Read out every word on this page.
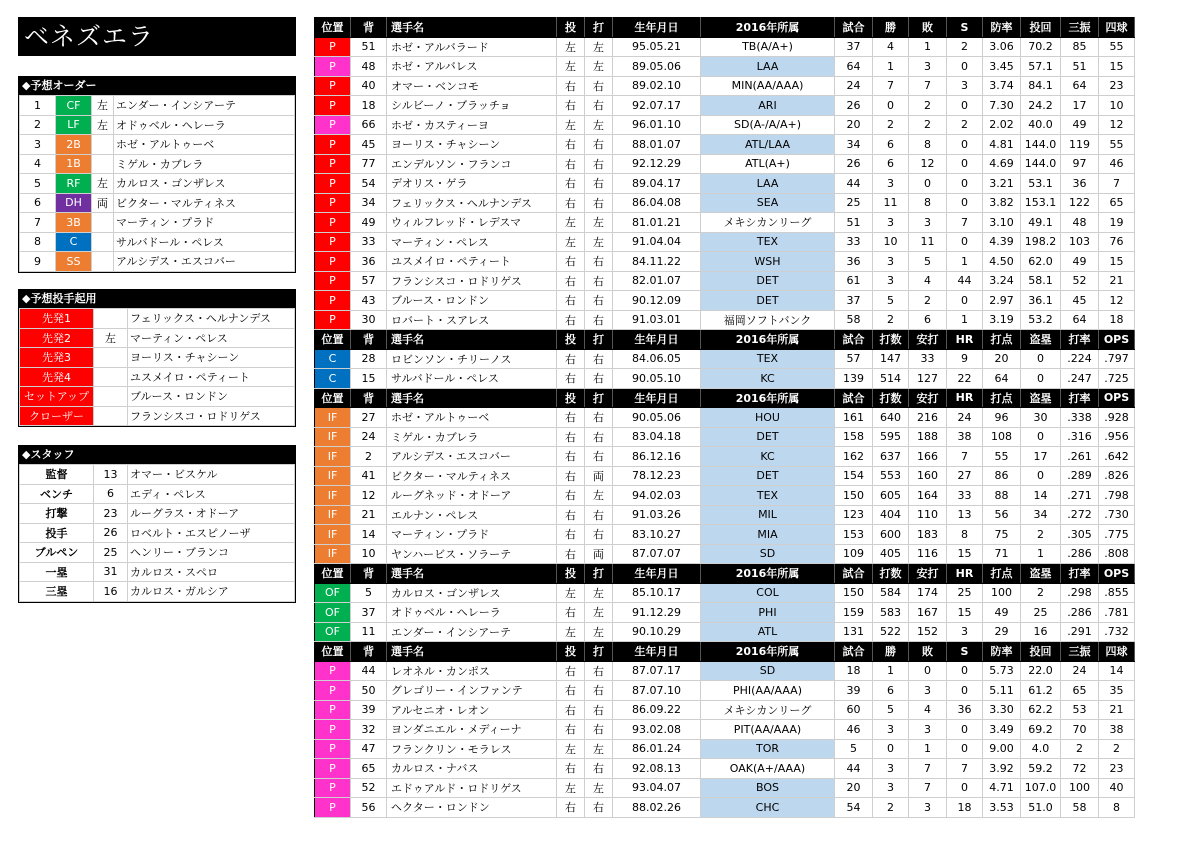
ベネズエラ
◆予想オーダー
1	CF	左	エンダー・インシアーテ
2	LF	左	オドゥベル・ヘレーラ
3	2B		ホゼ・アルトゥーベ
4	1B		ミゲル・カブレラ
5	RF	左	カルロス・ゴンザレス
6	DH	両	ビクター・マルティネス
7	3B		マーティン・プラド
8	C		サルバドール・ペレス
9	SS		アルシデス・エスコバー
◆予想投手起用
先発1		フェリックス・ヘルナンデス
先発2	左	マーティン・ペレス
先発3		ヨーリス・チャシーン
先発4		ユスメイロ・ペティート
セットアップ		ブルース・ロンドン
クローザー		フランシスコ・ロドリゲス
◆スタッフ
監督	13	オマー・ビスケル
ベンチ	6	エディ・ペレス
打撃	23	ルーグラス・オドーア
投手	26	ロベルト・エスピノーザ
ブルペン	25	ヘンリー・ブランコ
一塁	31	カルロス・スペロ
三塁	16	カルロス・ガルシア
位置	背	選手名	投	打	生年月日	2016年所属	試合	勝	敗	S	防率	投回	三振	四球
P	51	ホゼ・アルバラード	左	左	95.05.21	TB(A/A+)	37	4	1	2	3.06	70.2	85	55
P	48	ホゼ・アルバレス	左	左	89.05.06	LAA	64	1	3	0	3.45	57.1	51	15
P	40	オマー・ベンコモ	右	右	89.02.10	MIN(AA/AAA)	24	7	7	3	3.74	84.1	64	23
P	18	シルビーノ・ブラッチョ	右	右	92.07.17	ARI	26	0	2	0	7.30	24.2	17	10
P	66	ホゼ・カスティーヨ	左	左	96.01.10	SD(A-/A/A+)	20	2	2	2	2.02	40.0	49	12
P	45	ヨーリス・チャシーン	右	右	88.01.07	ATL/LAA	34	6	8	0	4.81	144.0	119	55
P	77	エンデルソン・フランコ	右	右	92.12.29	ATL(A+)	26	6	12	0	4.69	144.0	97	46
P	54	デオリス・ゲラ	右	右	89.04.17	LAA	44	3	0	0	3.21	53.1	36	7
P	34	フェリックス・ヘルナンデス	右	右	86.04.08	SEA	25	11	8	0	3.82	153.1	122	65
P	49	ウィルフレッド・レデスマ	左	左	81.01.21	メキシカンリーグ	51	3	3	7	3.10	49.1	48	19
P	33	マーティン・ペレス	左	左	91.04.04	TEX	33	10	11	0	4.39	198.2	103	76
P	36	ユスメイロ・ペティート	右	右	84.11.22	WSH	36	3	5	1	4.50	62.0	49	15
P	57	フランシスコ・ロドリゲス	右	右	82.01.07	DET	61	3	4	44	3.24	58.1	52	21
P	43	ブルース・ロンドン	右	右	90.12.09	DET	37	5	2	0	2.97	36.1	45	12
P	30	ロバート・スアレス	右	右	91.03.01	福岡ソフトバンク	58	2	6	1	3.19	53.2	64	18
位置	背	選手名	投	打	生年月日	2016年所属	試合	打数	安打	HR	打点	盗塁	打率	OPS
C	28	ロビンソン・チリーノス	右	右	84.06.05	TEX	57	147	33	9	20	0	.224	.797
C	15	サルバドール・ペレス	右	右	90.05.10	KC	139	514	127	22	64	0	.247	.725
位置	背	選手名	投	打	生年月日	2016年所属	試合	打数	安打	HR	打点	盗塁	打率	OPS
IF	27	ホゼ・アルトゥーベ	右	右	90.05.06	HOU	161	640	216	24	96	30	.338	.928
IF	24	ミゲル・カブレラ	右	右	83.04.18	DET	158	595	188	38	108	0	.316	.956
IF	2	アルシデス・エスコバー	右	右	86.12.16	KC	162	637	166	7	55	17	.261	.642
IF	41	ビクター・マルティネス	右	両	78.12.23	DET	154	553	160	27	86	0	.289	.826
IF	12	ルーグネッド・オドーア	右	左	94.02.03	TEX	150	605	164	33	88	14	.271	.798
IF	21	エルナン・ペレス	右	右	91.03.26	MIL	123	404	110	13	56	34	.272	.730
IF	14	マーティン・プラド	右	右	83.10.27	MIA	153	600	183	8	75	2	.305	.775
IF	10	ヤンハービス・ソラーテ	右	両	87.07.07	SD	109	405	116	15	71	1	.286	.808
位置	背	選手名	投	打	生年月日	2016年所属	試合	打数	安打	HR	打点	盗塁	打率	OPS
OF	5	カルロス・ゴンザレス	左	左	85.10.17	COL	150	584	174	25	100	2	.298	.855
OF	37	オドゥベル・ヘレーラ	右	左	91.12.29	PHI	159	583	167	15	49	25	.286	.781
OF	11	エンダー・インシアーテ	左	左	90.10.29	ATL	131	522	152	3	29	16	.291	.732
位置	背	選手名	投	打	生年月日	2016年所属	試合	勝	敗	S	防率	投回	三振	四球
P	44	レオネル・カンポス	右	右	87.07.17	SD	18	1	0	0	5.73	22.0	24	14
P	50	グレゴリー・インファンテ	右	右	87.07.10	PHI(AA/AAA)	39	6	3	0	5.11	61.2	65	35
P	39	アルセニオ・レオン	右	右	86.09.22	メキシカンリーグ	60	5	4	36	3.30	62.2	53	21
P	32	ヨンダニエル・メディーナ	右	右	93.02.08	PIT(AA/AAA)	46	3	3	0	3.49	69.2	70	38
P	47	フランクリン・モラレス	左	左	86.01.24	TOR	5	0	1	0	9.00	4.0	2	2
P	65	カルロス・ナバス	右	右	92.08.13	OAK(A+/AAA)	44	3	7	7	3.92	59.2	72	23
P	52	エドゥアルド・ロドリゲス	左	左	93.04.07	BOS	20	3	7	0	4.71	107.0	100	40
P	56	ヘクター・ロンドン	右	右	88.02.26	CHC	54	2	3	18	3.53	51.0	58	8
